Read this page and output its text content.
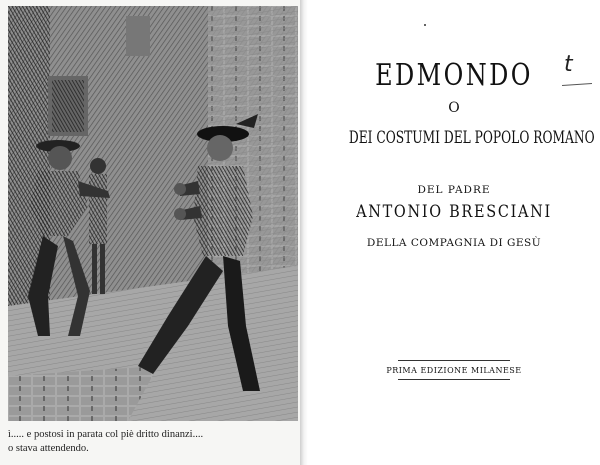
ì..... e postosi in parata col piè dritto dinanzi....
o stava attendendo.
EDMONDO
O
DEI COSTUMI DEL POPOLO ROMANO
DEL PADRE
ANTONIO BRESCIANI
DELLA COMPAGNIA DI GESÙ
PRIMA EDIZIONE MILANESE
t
